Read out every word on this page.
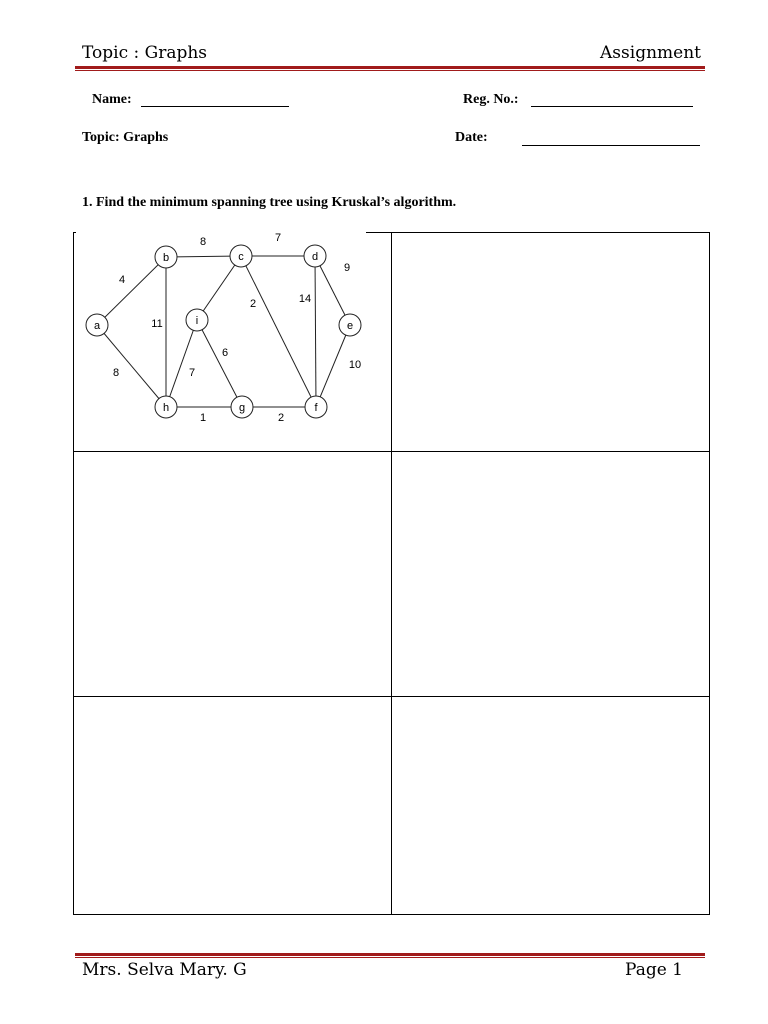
Topic : Graphs	Assignment
Name:	Reg. No.:
Topic: Graphs	Date:
1. Find the minimum spanning tree using Kruskal’s algorithm.
4
8	7
9
8
11
2	14
10
7
6
1	2
a
b	c	d
e
f
g
h
i
Mrs. Selva Mary. G	Page 1
